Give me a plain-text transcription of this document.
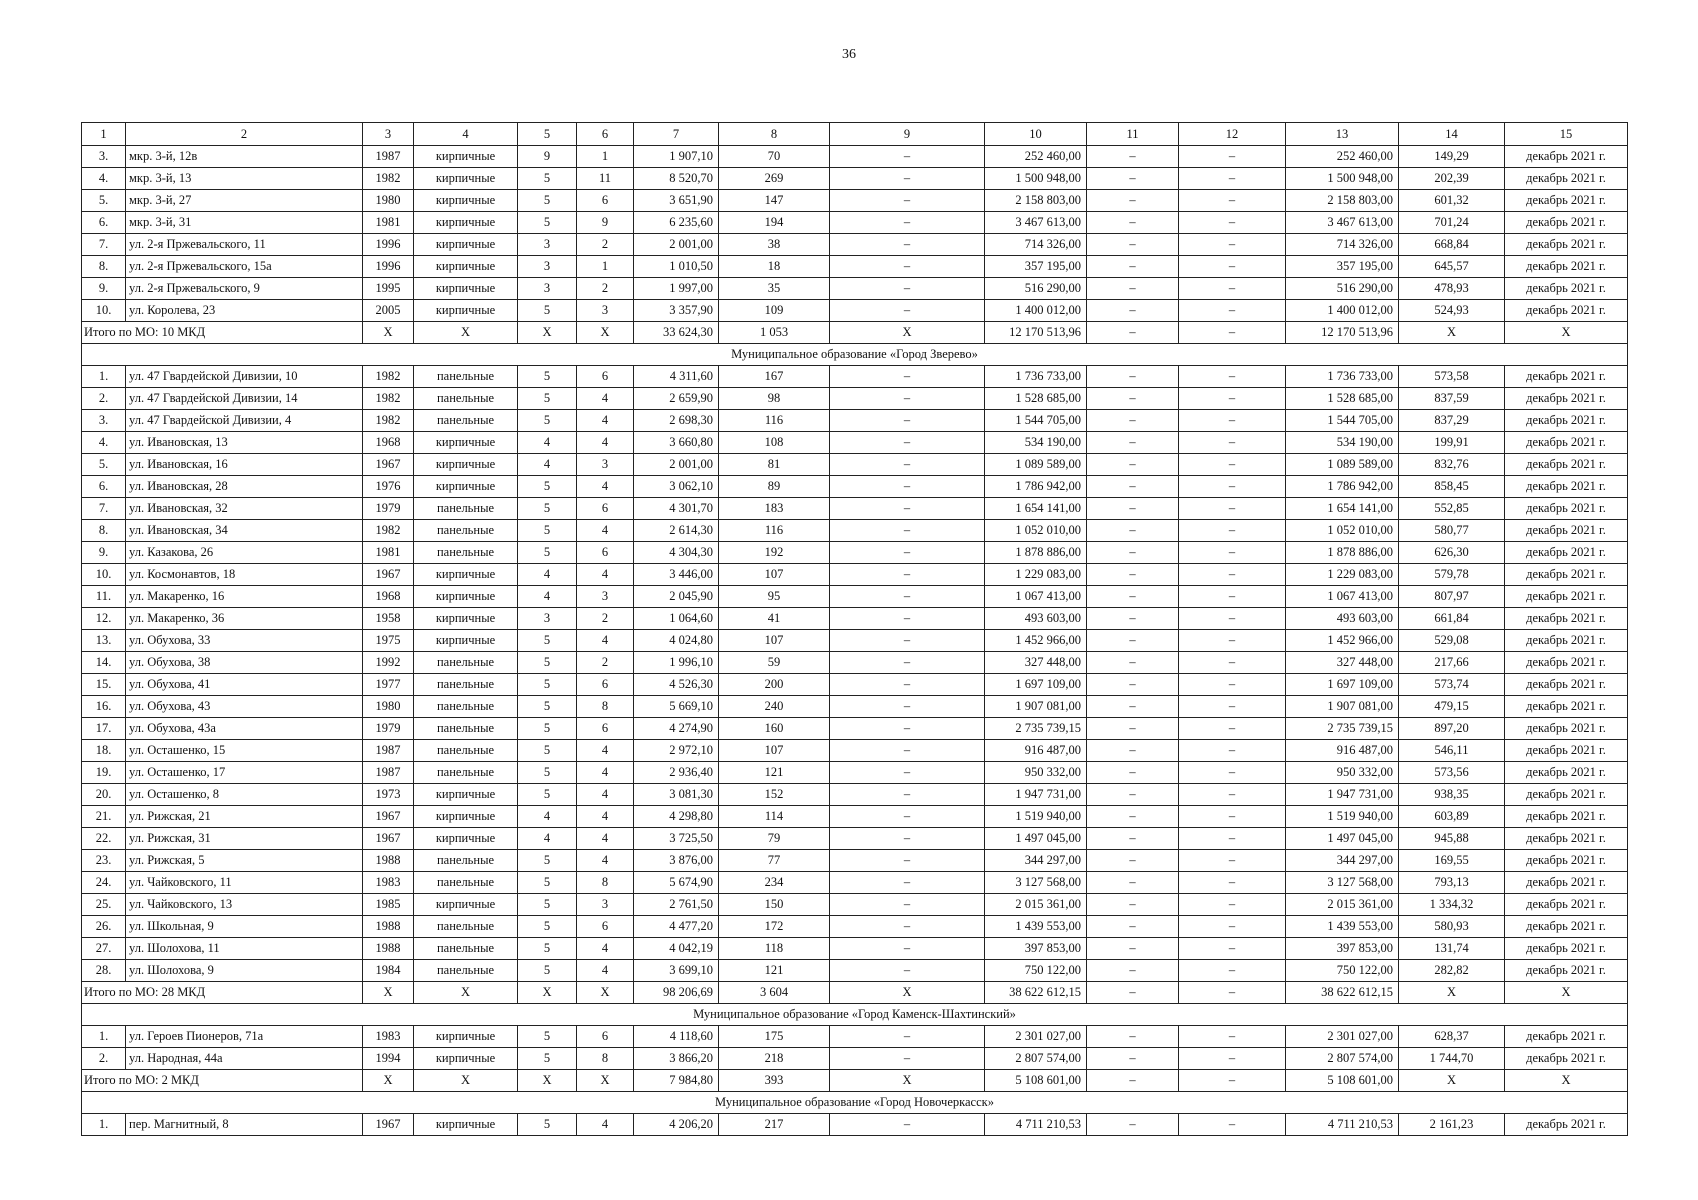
36
1	2	3	4	5	6	7	8	9	10	11	12	13	14	15
3.	мкр. 3-й, 12в	1987	кирпичные	9	1	1 907,10	70	–	252 460,00	–	–	252 460,00	149,29	декабрь 2021 г.
4.	мкр. 3-й, 13	1982	кирпичные	5	11	8 520,70	269	–	1 500 948,00	–	–	1 500 948,00	202,39	декабрь 2021 г.
5.	мкр. 3-й, 27	1980	кирпичные	5	6	3 651,90	147	–	2 158 803,00	–	–	2 158 803,00	601,32	декабрь 2021 г.
6.	мкр. 3-й, 31	1981	кирпичные	5	9	6 235,60	194	–	3 467 613,00	–	–	3 467 613,00	701,24	декабрь 2021 г.
7.	ул. 2-я Пржевальского, 11	1996	кирпичные	3	2	2 001,00	38	–	714 326,00	–	–	714 326,00	668,84	декабрь 2021 г.
8.	ул. 2-я Пржевальского, 15а	1996	кирпичные	3	1	1 010,50	18	–	357 195,00	–	–	357 195,00	645,57	декабрь 2021 г.
9.	ул. 2-я Пржевальского, 9	1995	кирпичные	3	2	1 997,00	35	–	516 290,00	–	–	516 290,00	478,93	декабрь 2021 г.
10.	ул. Королева, 23	2005	кирпичные	5	3	3 357,90	109	–	1 400 012,00	–	–	1 400 012,00	524,93	декабрь 2021 г.
Итого по МО: 10 МКД		X	X	X	X	33 624,30	1 053	X	12 170 513,96	–	–	12 170 513,96	X	X
Муниципальное образование «Город Зверево»														
1.	ул. 47 Гвардейской Дивизии, 10	1982	панельные	5	6	4 311,60	167	–	1 736 733,00	–	–	1 736 733,00	573,58	декабрь 2021 г.
2.	ул. 47 Гвардейской Дивизии, 14	1982	панельные	5	4	2 659,90	98	–	1 528 685,00	–	–	1 528 685,00	837,59	декабрь 2021 г.
3.	ул. 47 Гвардейской Дивизии, 4	1982	панельные	5	4	2 698,30	116	–	1 544 705,00	–	–	1 544 705,00	837,29	декабрь 2021 г.
4.	ул. Ивановская, 13	1968	кирпичные	4	4	3 660,80	108	–	534 190,00	–	–	534 190,00	199,91	декабрь 2021 г.
5.	ул. Ивановская, 16	1967	кирпичные	4	3	2 001,00	81	–	1 089 589,00	–	–	1 089 589,00	832,76	декабрь 2021 г.
6.	ул. Ивановская, 28	1976	кирпичные	5	4	3 062,10	89	–	1 786 942,00	–	–	1 786 942,00	858,45	декабрь 2021 г.
7.	ул. Ивановская, 32	1979	панельные	5	6	4 301,70	183	–	1 654 141,00	–	–	1 654 141,00	552,85	декабрь 2021 г.
8.	ул. Ивановская, 34	1982	панельные	5	4	2 614,30	116	–	1 052 010,00	–	–	1 052 010,00	580,77	декабрь 2021 г.
9.	ул. Казакова, 26	1981	панельные	5	6	4 304,30	192	–	1 878 886,00	–	–	1 878 886,00	626,30	декабрь 2021 г.
10.	ул. Космонавтов, 18	1967	кирпичные	4	4	3 446,00	107	–	1 229 083,00	–	–	1 229 083,00	579,78	декабрь 2021 г.
11.	ул. Макаренко, 16	1968	кирпичные	4	3	2 045,90	95	–	1 067 413,00	–	–	1 067 413,00	807,97	декабрь 2021 г.
12.	ул. Макаренко, 36	1958	кирпичные	3	2	1 064,60	41	–	493 603,00	–	–	493 603,00	661,84	декабрь 2021 г.
13.	ул. Обухова, 33	1975	кирпичные	5	4	4 024,80	107	–	1 452 966,00	–	–	1 452 966,00	529,08	декабрь 2021 г.
14.	ул. Обухова, 38	1992	панельные	5	2	1 996,10	59	–	327 448,00	–	–	327 448,00	217,66	декабрь 2021 г.
15.	ул. Обухова, 41	1977	панельные	5	6	4 526,30	200	–	1 697 109,00	–	–	1 697 109,00	573,74	декабрь 2021 г.
16.	ул. Обухова, 43	1980	панельные	5	8	5 669,10	240	–	1 907 081,00	–	–	1 907 081,00	479,15	декабрь 2021 г.
17.	ул. Обухова, 43а	1979	панельные	5	6	4 274,90	160	–	2 735 739,15	–	–	2 735 739,15	897,20	декабрь 2021 г.
18.	ул. Осташенко, 15	1987	панельные	5	4	2 972,10	107	–	916 487,00	–	–	916 487,00	546,11	декабрь 2021 г.
19.	ул. Осташенко, 17	1987	панельные	5	4	2 936,40	121	–	950 332,00	–	–	950 332,00	573,56	декабрь 2021 г.
20.	ул. Осташенко, 8	1973	кирпичные	5	4	3 081,30	152	–	1 947 731,00	–	–	1 947 731,00	938,35	декабрь 2021 г.
21.	ул. Рижская, 21	1967	кирпичные	4	4	4 298,80	114	–	1 519 940,00	–	–	1 519 940,00	603,89	декабрь 2021 г.
22.	ул. Рижская, 31	1967	кирпичные	4	4	3 725,50	79	–	1 497 045,00	–	–	1 497 045,00	945,88	декабрь 2021 г.
23.	ул. Рижская, 5	1988	панельные	5	4	3 876,00	77	–	344 297,00	–	–	344 297,00	169,55	декабрь 2021 г.
24.	ул. Чайковского, 11	1983	панельные	5	8	5 674,90	234	–	3 127 568,00	–	–	3 127 568,00	793,13	декабрь 2021 г.
25.	ул. Чайковского, 13	1985	кирпичные	5	3	2 761,50	150	–	2 015 361,00	–	–	2 015 361,00	1 334,32	декабрь 2021 г.
26.	ул. Школьная, 9	1988	панельные	5	6	4 477,20	172	–	1 439 553,00	–	–	1 439 553,00	580,93	декабрь 2021 г.
27.	ул. Шолохова, 11	1988	панельные	5	4	4 042,19	118	–	397 853,00	–	–	397 853,00	131,74	декабрь 2021 г.
28.	ул. Шолохова, 9	1984	панельные	5	4	3 699,10	121	–	750 122,00	–	–	750 122,00	282,82	декабрь 2021 г.
Итого по МО: 28 МКД		X	X	X	X	98 206,69	3 604	X	38 622 612,15	–	–	38 622 612,15	X	X
Муниципальное образование «Город Каменск-Шахтинский»														
1.	ул. Героев Пионеров, 71а	1983	кирпичные	5	6	4 118,60	175	–	2 301 027,00	–	–	2 301 027,00	628,37	декабрь 2021 г.
2.	ул. Народная, 44а	1994	кирпичные	5	8	3 866,20	218	–	2 807 574,00	–	–	2 807 574,00	1 744,70	декабрь 2021 г.
Итого по МО: 2 МКД		X	X	X	X	7 984,80	393	X	5 108 601,00	–	–	5 108 601,00	X	X
Муниципальное образование «Город Новочеркасск»														
1.	пер. Магнитный, 8	1967	кирпичные	5	4	4 206,20	217	–	4 711 210,53	–	–	4 711 210,53	2 161,23	декабрь 2021 г.
